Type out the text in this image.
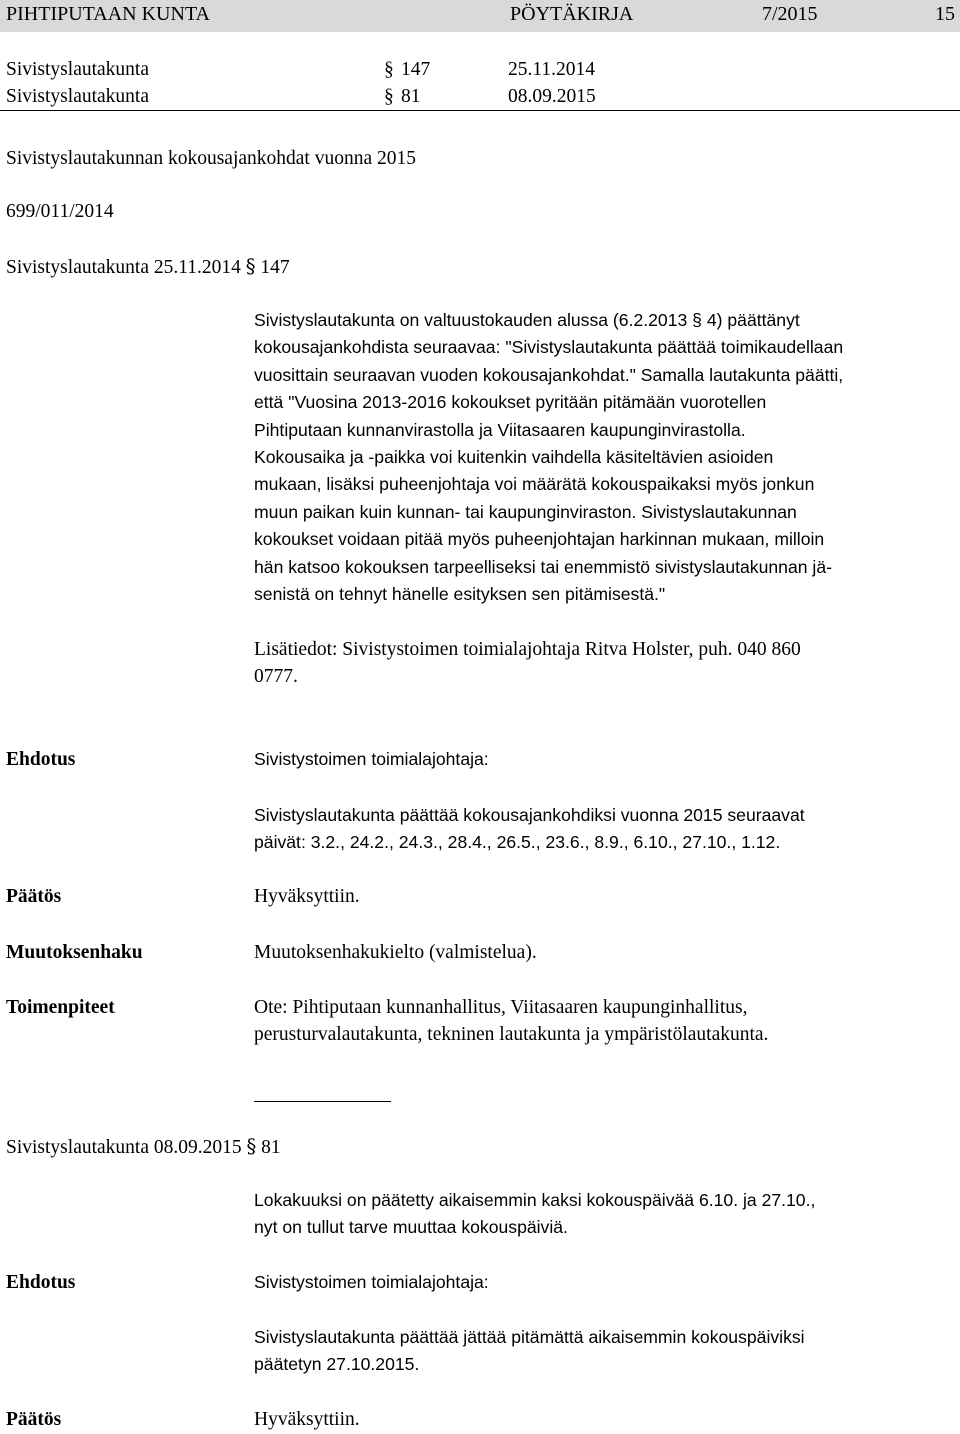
PIHTIPUTAAN KUNTA	PÖYTÄKIRJA	7/2015	15
Sivistyslautakunta	§ 147	25.11.2014
Sivistyslautakunta	§ 81	08.09.2015
Sivistyslautakunnan kokousajankohdat vuonna 2015
699/011/2014
Sivistyslautakunta 25.11.2014 § 147
Sivistyslautakunta on valtuustokauden alussa (6.2.2013 § 4) päättänyt
kokousajankohdista seuraavaa: "Sivistyslautakunta päättää toimikaudellaan
vuosittain seuraavan vuoden kokousajankohdat." Samalla lautakunta päätti,
että "Vuosina 2013-2016 kokoukset pyritään pitämään vuorotellen
Pihtiputaan kunnanvirastolla ja Viitasaaren kaupunginvirastolla.
Kokousaika ja -paikka voi kuitenkin vaihdella käsiteltävien asioiden
mukaan, lisäksi puheenjohtaja voi määrätä kokouspaikaksi myös jonkun
muun paikan kuin kunnan- tai kaupunginviraston. Sivistyslautakunnan
kokoukset voidaan pitää myös puheenjohtajan harkinnan mukaan, milloin
hän katsoo kokouksen tarpeelliseksi tai enemmistö sivistyslautakunnan jä-
senistä on tehnyt hänelle esityksen sen pitämisestä."
Lisätiedot: Sivistystoimen toimialajohtaja Ritva Holster, puh. 040 860
0777.
Ehdotus	Sivistystoimen toimialajohtaja:
Sivistyslautakunta päättää kokousajankohdiksi vuonna 2015 seuraavat
päivät: 3.2., 24.2., 24.3., 28.4., 26.5., 23.6., 8.9., 6.10., 27.10., 1.12.
Päätös	Hyväksyttiin.
Muutoksenhaku	Muutoksenhakukielto (valmistelua).
Toimenpiteet	Ote: Pihtiputaan kunnanhallitus, Viitasaaren kaupunginhallitus,
perusturvalautakunta, tekninen lautakunta ja ympäristölautakunta.
Sivistyslautakunta 08.09.2015 § 81
Lokakuuksi on päätetty aikaisemmin kaksi kokouspäivää 6.10. ja 27.10.,
nyt on tullut tarve muuttaa kokouspäiviä.
Ehdotus	Sivistystoimen toimialajohtaja:
Sivistyslautakunta päättää jättää pitämättä aikaisemmin kokouspäiviksi
päätetyn 27.10.2015.
Päätös	Hyväksyttiin.
